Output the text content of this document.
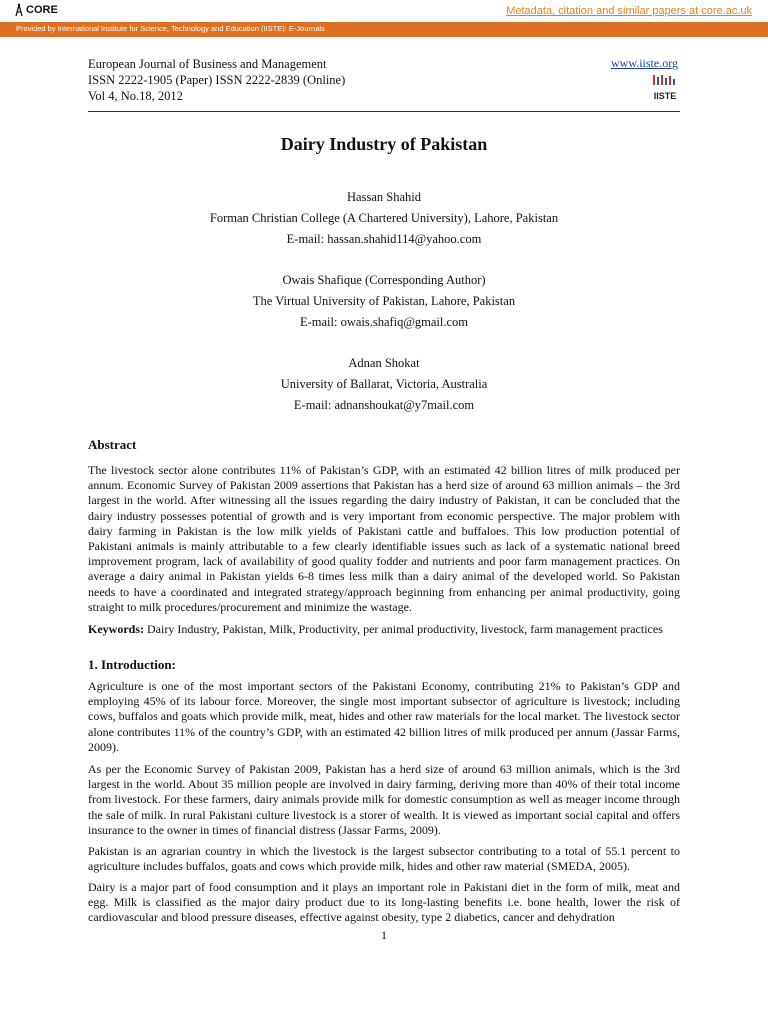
CORE	Metadata, citation and similar papers at core.ac.uk
Provided by International Institute for Science, Technology and Education (IISTE): E-Journals
European Journal of Business and Management
ISSN 2222-1905 (Paper) ISSN 2222-2839 (Online)
Vol 4, No.18, 2012
www.iiste.org
IISTE
Dairy Industry of Pakistan
Hassan Shahid
Forman Christian College (A Chartered University), Lahore, Pakistan
E-mail: hassan.shahid114@yahoo.com
Owais Shafique (Corresponding Author)
The Virtual University of Pakistan, Lahore, Pakistan
E-mail: owais.shafiq@gmail.com
Adnan Shokat
University of Ballarat, Victoria, Australia
E-mail: adnanshoukat@y7mail.com
Abstract
The livestock sector alone contributes 11% of Pakistan’s GDP, with an estimated 42 billion litres of milk produced per annum. Economic Survey of Pakistan 2009 assertions that Pakistan has a herd size of around 63 million animals – the 3rd largest in the world. After witnessing all the issues regarding the dairy industry of Pakistan, it can be concluded that the dairy industry possesses potential of growth and is very important from economic perspective. The major problem with dairy farming in Pakistan is the low milk yields of Pakistani cattle and buffaloes. This low production potential of Pakistani animals is mainly attributable to a few clearly identifiable issues such as lack of a systematic national breed improvement program, lack of availability of good quality fodder and nutrients and poor farm management practices. On average a dairy animal in Pakistan yields 6-8 times less milk than a dairy animal of the developed world. So Pakistan needs to have a coordinated and integrated strategy/approach beginning from enhancing per animal productivity, going straight to milk procedures/procurement and minimize the wastage.
Keywords: Dairy Industry, Pakistan, Milk, Productivity, per animal productivity, livestock, farm management practices
1. Introduction:
Agriculture is one of the most important sectors of the Pakistani Economy, contributing 21% to Pakistan’s GDP and employing 45% of its labour force. Moreover, the single most important subsector of agriculture is livestock; including cows, buffalos and goats which provide milk, meat, hides and other raw materials for the local market. The livestock sector alone contributes 11% of the country’s GDP, with an estimated 42 billion litres of milk produced per annum (Jassar Farms, 2009).
As per the Economic Survey of Pakistan 2009, Pakistan has a herd size of around 63 million animals, which is the 3rd largest in the world. About 35 million people are involved in dairy farming, deriving more than 40% of their total income from livestock. For these farmers, dairy animals provide milk for domestic consumption as well as meager income through the sale of milk. In rural Pakistani culture livestock is a storer of wealth. It is viewed as important social capital and offers insurance to the owner in times of financial distress (Jassar Farms, 2009).
Pakistan is an agrarian country in which the livestock is the largest subsector contributing to a total of 55.1 percent to agriculture includes buffalos, goats and cows which provide milk, hides and other raw material (SMEDA, 2005).
Dairy is a major part of food consumption and it plays an important role in Pakistani diet in the form of milk, meat and egg. Milk is classified as the major dairy product due to its long-lasting benefits i.e. bone health, lower the risk of cardiovascular and blood pressure diseases, effective against obesity, type 2 diabetics, cancer and dehydration
1
